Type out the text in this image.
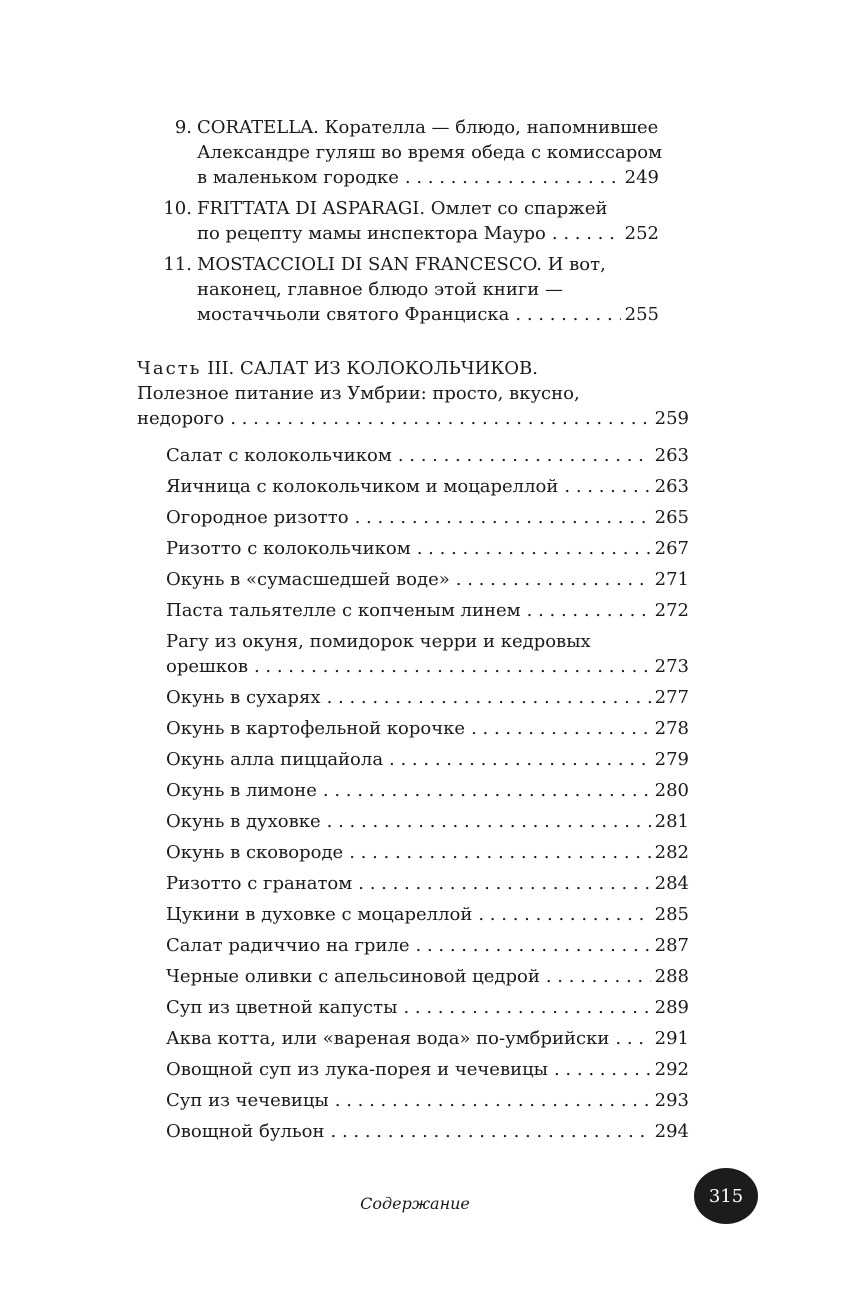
9. CORATELLA. Кoрателла — блюдо, напомнившее
Александре гуляш во время обеда с комиссаром
в маленьком городке . . .	249
10. FRITTATA DI ASPARAGI. Омлет со спаржей
по рецепту мамы инспектора Мауро . . .	252
11. MOSTACCIOLI DI SAN FRANCESCO. И вот,
наконец, главное блюдо этой книги —
мостаччьоли святого Франциска . . .	255
Часть III. САЛАТ ИЗ КОЛОКОЛЬЧИКОВ.
Полезное питание из Умбрии: просто, вкусно,
недорого . . .	259
Салат с колокольчиком . . .	263
Яичница с колокольчиком и моцареллой . . .	263
Огородное ризотто . . .	265
Ризотто с колокольчиком . . .	267
Окунь в «сумасшедшей воде» . . .	271
Паста тальятелле с копченым линем . . .	272
Рагу из окуня, помидорок черри и кедровых
орешков . . .	273
Окунь в сухарях . . .	277
Окунь в картофельной корочке . . .	278
Окунь алла пиццайола . . .	279
Окунь в лимоне . . .	280
Окунь в духовке . . .	281
Окунь в сковороде . . .	282
Ризотто с гранатом . . .	284
Цукини в духовке с моцареллой . . .	285
Салат радиччио на гриле . . .	287
Черные оливки с апельсиновой цедрой . . .	288
Суп из цветной капусты . . .	289
Аква котта, или «вареная вода» по-умбрийски . . .	291
Овощной суп из лука-порея и чечевицы . . .	292
Суп из чечевицы . . .	293
Овощной бульон . . .	294
Содержание	315
